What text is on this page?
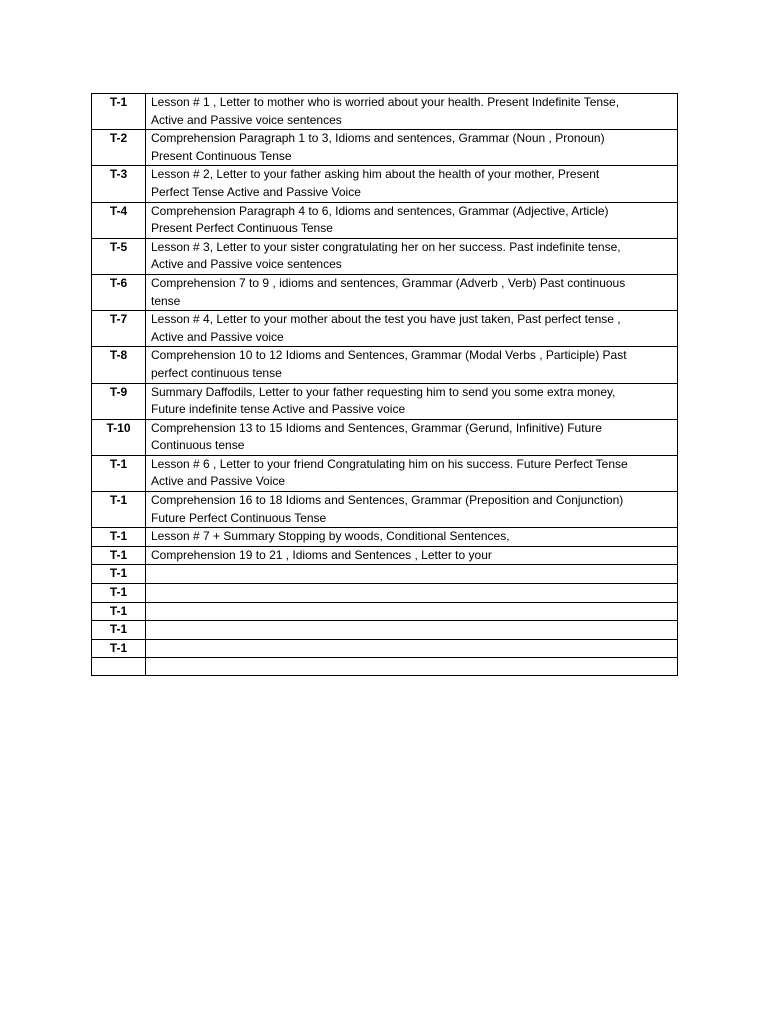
T-1	Lesson # 1 , Letter to mother who is worried about your health. Present Indefinite Tense,
Active and Passive voice sentences

T-2	Comprehension Paragraph 1 to 3, Idioms and sentences, Grammar (Noun , Pronoun)
Present Continuous Tense

T-3	Lesson # 2, Letter to your father asking him about the health of your mother, Present
Perfect Tense Active and Passive Voice

T-4	Comprehension Paragraph 4 to 6, Idioms and sentences, Grammar (Adjective, Article)
Present Perfect Continuous Tense

T-5	Lesson # 3, Letter to your sister congratulating her on her success. Past indefinite tense,
Active and Passive voice sentences

T-6	Comprehension 7 to 9 , idioms and sentences, Grammar (Adverb , Verb) Past continuous
tense

T-7	Lesson # 4, Letter to your mother about the test you have just taken, Past perfect tense ,
Active and Passive voice

T-8	Comprehension 10 to 12 Idioms and Sentences, Grammar (Modal Verbs , Participle) Past
perfect continuous tense

T-9	Summary Daffodils, Letter to your father requesting him to send you some extra money,
Future indefinite tense Active and Passive voice

T-10	Comprehension 13 to 15 Idioms and Sentences, Grammar (Gerund, Infinitive) Future
Continuous tense

T-1	Lesson # 6 , Letter to your friend Congratulating him on his success. Future Perfect Tense
Active and Passive Voice

T-1	Comprehension 16 to 18 Idioms and Sentences, Grammar (Preposition and Conjunction)
Future Perfect Continuous Tense

T-1	Lesson # 7 + Summary Stopping by woods, Conditional Sentences,

T-1	Comprehension 19 to 21 , Idioms and Sentences , Letter to your

T-1	

T-1	

T-1	

T-1	

T-1	
